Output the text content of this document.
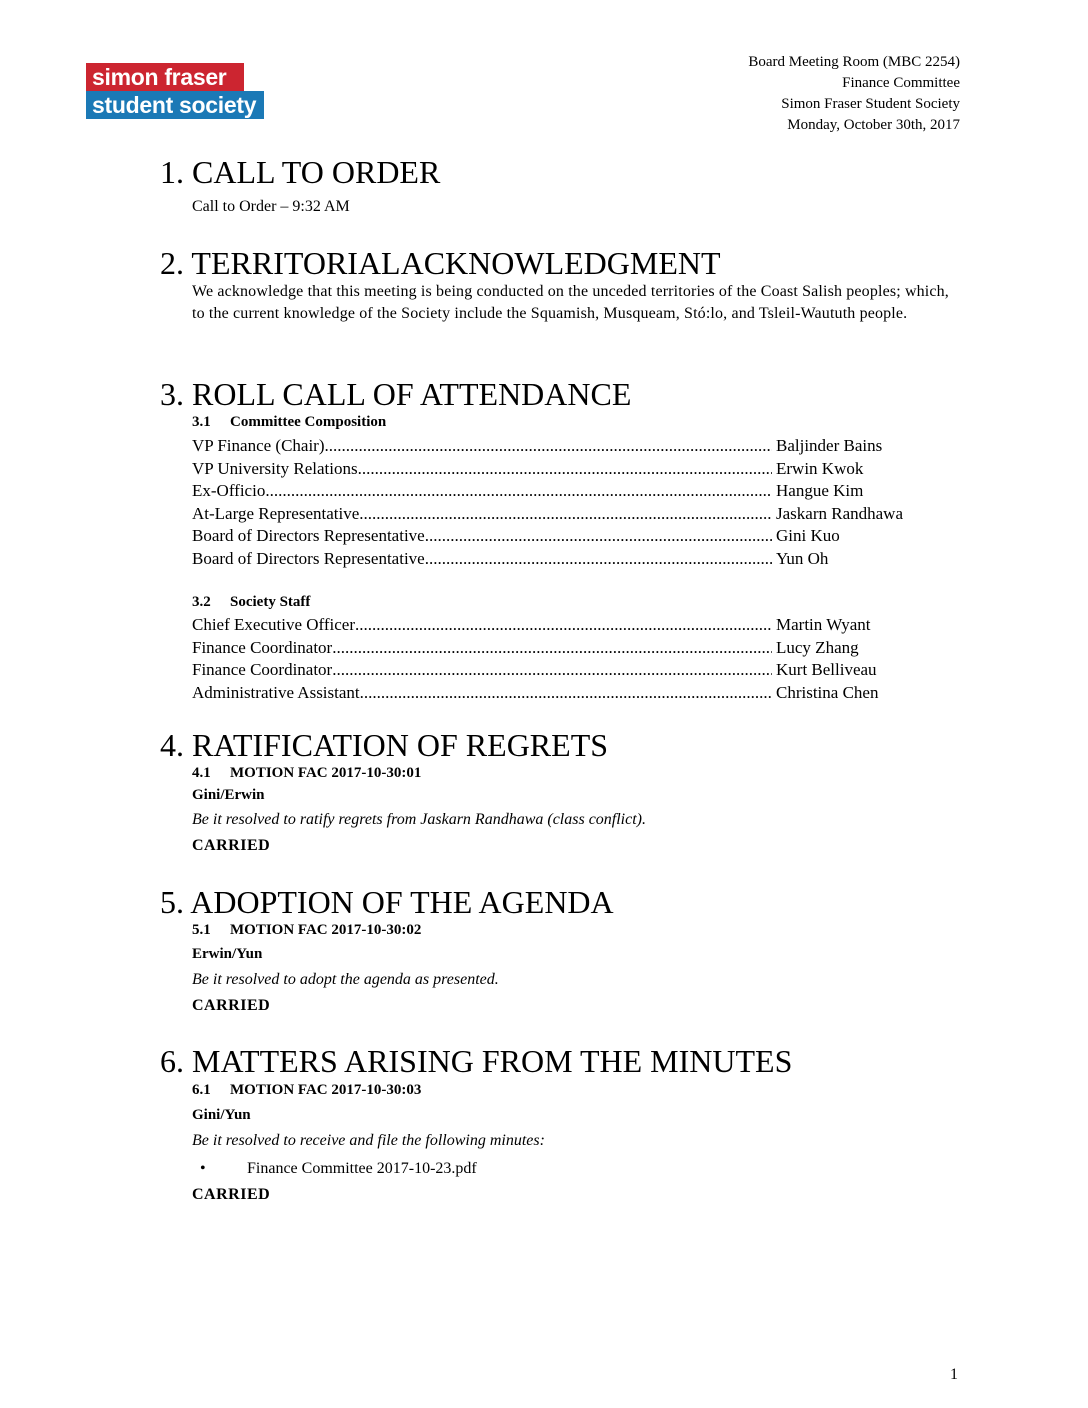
simon fraser
student society
Board Meeting Room (MBC 2254)
Finance Committee
Simon Fraser Student Society
Monday, October 30th, 2017
1. CALL TO ORDER
Call to Order – 9:32 AM
2. TERRITORIALACKNOWLEDGMENT
We acknowledge that this meeting is being conducted on the unceded territories of the Coast Salish peoples; which, to the current knowledge of the Society include the Squamish, Musqueam, Stó:lo, and Tsleil-Waututh people.
3. ROLL CALL OF ATTENDANCE
3.1 Committee Composition
VP Finance (Chair) .....	Baljinder Bains
VP University Relations .....	Erwin Kwok
Ex-Officio .....	Hangue Kim
At-Large Representative .....	Jaskarn Randhawa
Board of Directors Representative .....	Gini Kuo
Board of Directors Representative .....	Yun Oh
3.2 Society Staff
Chief Executive Officer .....	Martin Wyant
Finance Coordinator .....	Lucy Zhang
Finance Coordinator .....	Kurt Belliveau
Administrative Assistant .....	Christina Chen
4. RATIFICATION OF REGRETS
4.1 MOTION FAC 2017-10-30:01
Gini/Erwin
Be it resolved to ratify regrets from Jaskarn Randhawa (class conflict).
CARRIED
5. ADOPTION OF THE AGENDA
5.1 MOTION FAC 2017-10-30:02
Erwin/Yun
Be it resolved to adopt the agenda as presented.
CARRIED
6. MATTERS ARISING FROM THE MINUTES
6.1 MOTION FAC 2017-10-30:03
Gini/Yun
Be it resolved to receive and file the following minutes:
•	Finance Committee 2017-10-23.pdf
CARRIED
1
